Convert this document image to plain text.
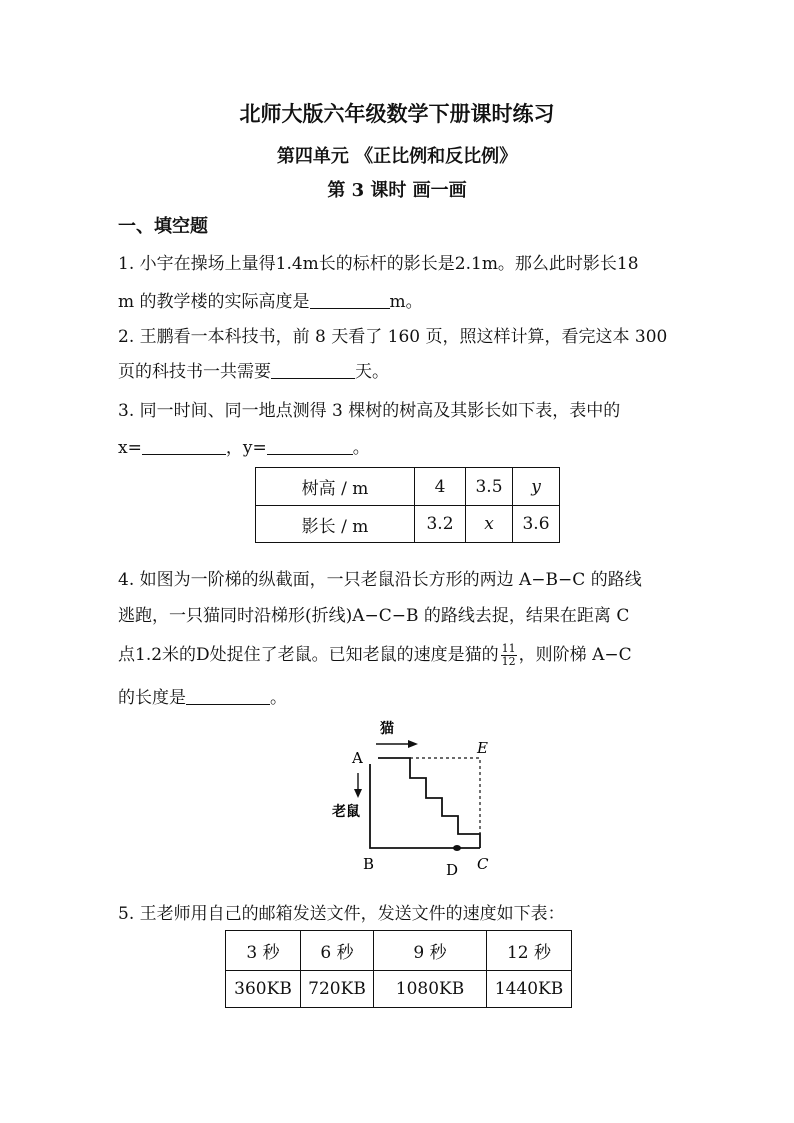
北师大版六年级数学下册课时练习
第四单元 《正比例和反比例》
第 3 课时 画一画
一、填空题
1. 小宇在操场上量得1.4m长的标杆的影长是2.1m。那么此时影长18
m 的教学楼的实际高度是	m。
2. 王鹏看一本科技书，前 8 天看了 160 页，照这样计算，看完这本 300
页的科技书一共需要	天。
3. 同一时间、同一地点测得 3 棵树的树高及其影长如下表，表中的
x=	，y=	。
树高 / m	4	3.5	y
影长 / m	3.2	x	3.6
4. 如图为一阶梯的纵截面，一只老鼠沿长方形的两边 A−B−C 的路线
逃跑，一只猫同时沿梯形(折线)A−C−B 的路线去捉，结果在距离 C
点1.2米的D处捉住了老鼠。已知老鼠的速度是猫的 $\frac{11}{12}$ ，则阶梯 A−C
的长度是	。
猫
A
老鼠
E
B	D C
5. 王老师用自己的邮箱发送文件，发送文件的速度如下表：
3 秒	6 秒	9 秒	12 秒
360KB	720KB	1080KB	1440KB
